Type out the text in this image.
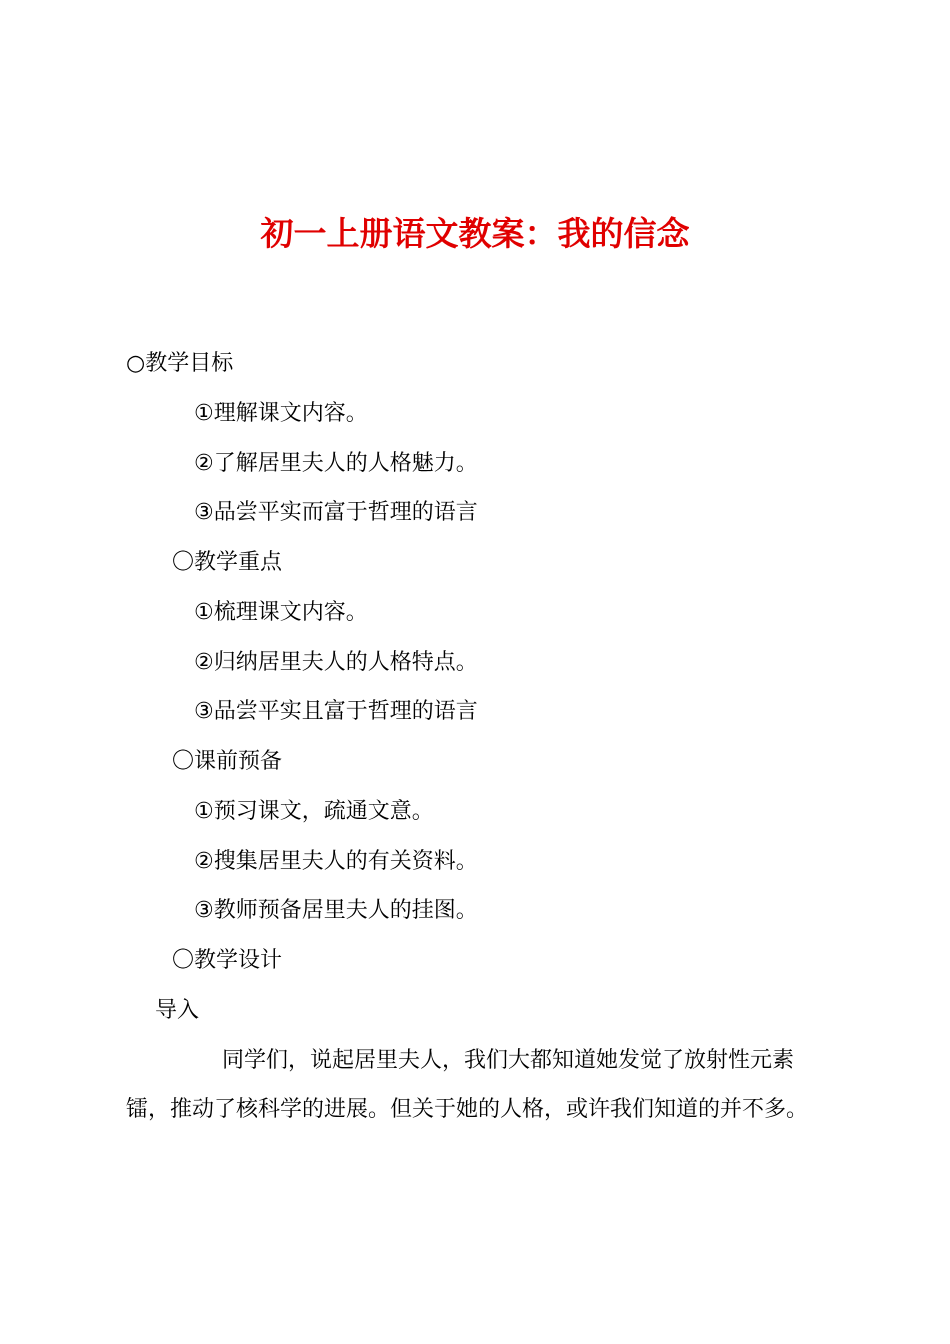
初一上册语文教案：我的信念
○教学目标
①理解课文内容。
②了解居里夫人的人格魅力。
③品尝平实而富于哲理的语言
〇教学重点
①梳理课文内容。
②归纳居里夫人的人格特点。
③品尝平实且富于哲理的语言
〇课前预备
①预习课文，疏通文意。
②搜集居里夫人的有关资料。
③教师预备居里夫人的挂图。
〇教学设计
导入
同学们，说起居里夫人，我们大都知道她发觉了放射性元素
镭，推动了核科学的进展。但关于她的人格，或许我们知道的并不多。
